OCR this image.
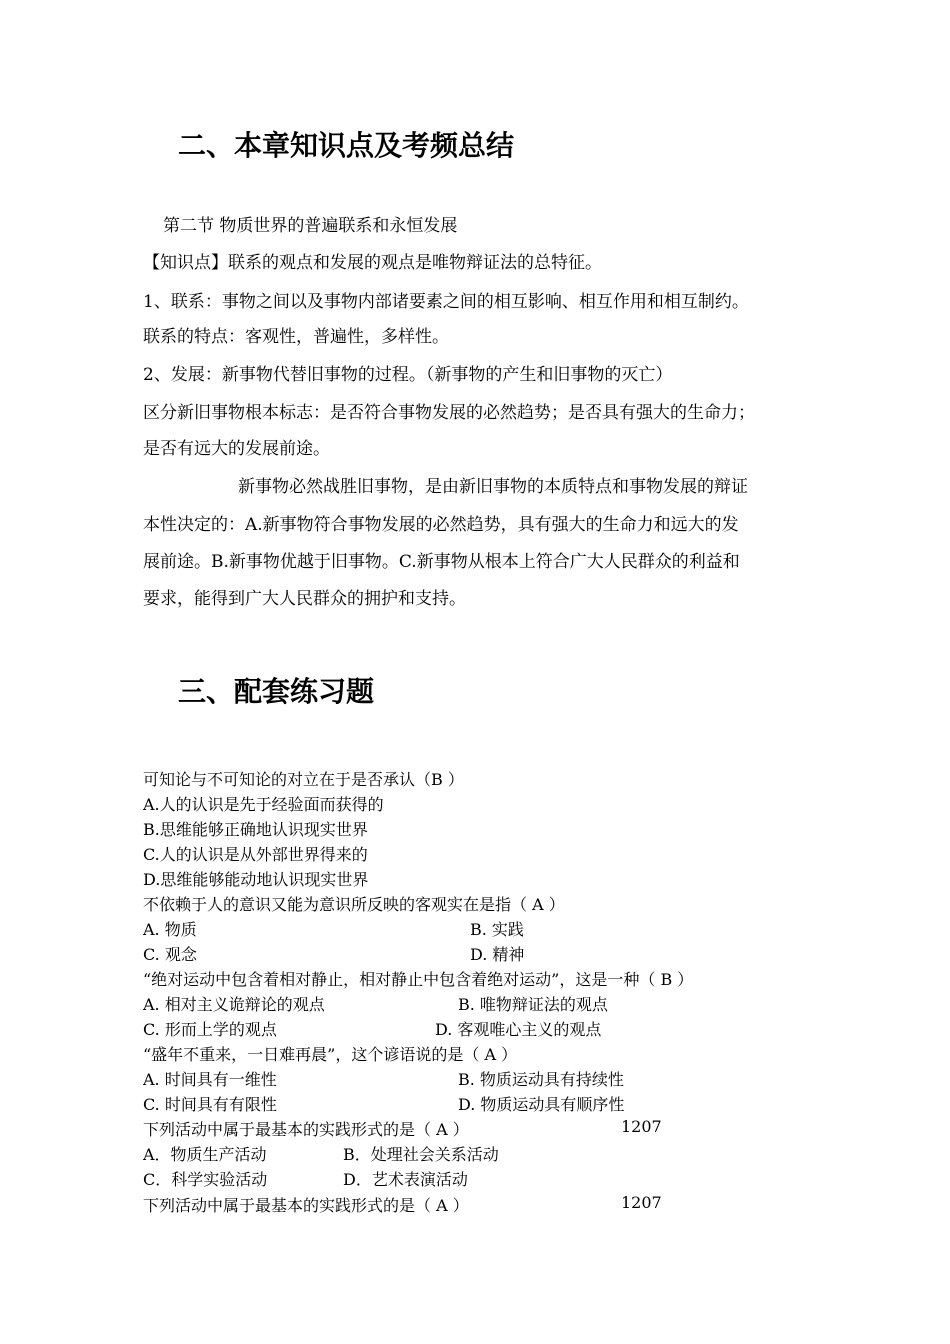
二、本章知识点及考频总结
第二节 物质世界的普遍联系和永恒发展
【知识点】联系的观点和发展的观点是唯物辩证法的总特征。
1、联系：事物之间以及事物内部诸要素之间的相互影响、相互作用和相互制约。
联系的特点：客观性，普遍性，多样性。
2、发展：新事物代替旧事物的过程。（新事物的产生和旧事物的灭亡）
区分新旧事物根本标志：是否符合事物发展的必然趋势；是否具有强大的生命力；
是否有远大的发展前途。
新事物必然战胜旧事物，是由新旧事物的本质特点和事物发展的辩证
本性决定的：A.新事物符合事物发展的必然趋势，具有强大的生命力和远大的发
展前途。B.新事物优越于旧事物。C.新事物从根本上符合广大人民群众的利益和
要求，能得到广大人民群众的拥护和支持。
三、配套练习题
可知论与不可知论的对立在于是否承认（B ）
A.人的认识是先于经验面而获得的
B.思维能够正确地认识现实世界
C.人的认识是从外部世界得来的
D.思维能够能动地认识现实世界
不依赖于人的意识又能为意识所反映的客观实在是指（ A ）
A. 物质	B. 实践
C. 观念	D. 精神
“绝对运动中包含着相对静止，相对静止中包含着绝对运动”，这是一种（ B ）
A. 相对主义诡辩论的观点	B. 唯物辩证法的观点
C. 形而上学的观点	D. 客观唯心主义的观点
“盛年不重来，一日难再晨”，这个谚语说的是（ A ）
A. 时间具有一维性	B. 物质运动具有持续性
C. 时间具有有限性	D. 物质运动具有顺序性
下列活动中属于最基本的实践形式的是（ A ）	1207
A．物质生产活动	B．处理社会关系活动
C．科学实验活动	D．艺术表演活动
下列活动中属于最基本的实践形式的是（ A ）	1207
